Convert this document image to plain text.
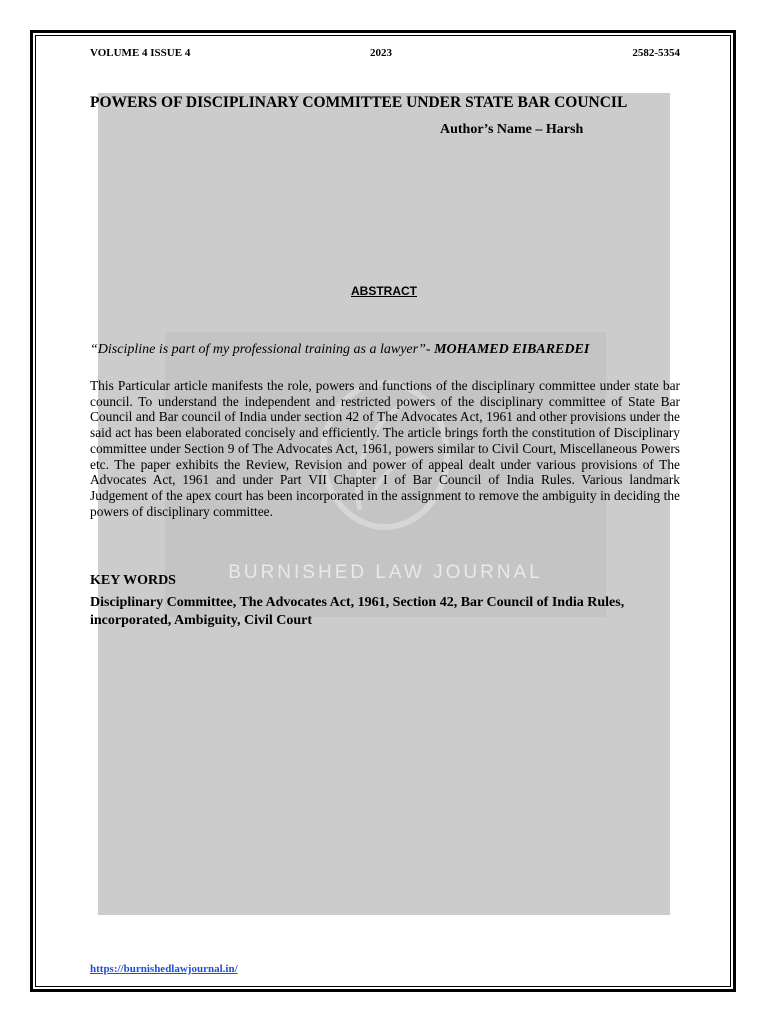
BURNISHED LAW JOURNAL
VOLUME 4 ISSUE 4	2023	2582-5354
POWERS OF DISCIPLINARY COMMITTEE UNDER STATE BAR COUNCIL
Author’s Name – Harsh
ABSTRACT
“Discipline is part of my professional training as a lawyer”- MOHAMED EIBAREDEI

This Particular article manifests the role, powers and functions of the disciplinary committee under state bar council. To understand the independent and restricted powers of the disciplinary committee of State Bar Council and Bar council of India under section 42 of The Advocates Act, 1961 and other provisions under the said act has been elaborated concisely and efficiently. The article brings forth the constitution of Disciplinary committee under Section 9 of The Advocates Act, 1961, powers similar to Civil Court, Miscellaneous Powers etc. The paper exhibits the Review, Revision and power of appeal dealt under various provisions of The Advocates Act, 1961 and under Part VII Chapter I of Bar Council of India Rules. Various landmark Judgement of the apex court has been incorporated in the assignment to remove the ambiguity in deciding the powers of disciplinary committee.

KEY WORDS

Disciplinary Committee, The Advocates Act, 1961, Section 42, Bar Council of India Rules, incorporated, Ambiguity, Civil Court

https://burnishedlawjournal.in/
